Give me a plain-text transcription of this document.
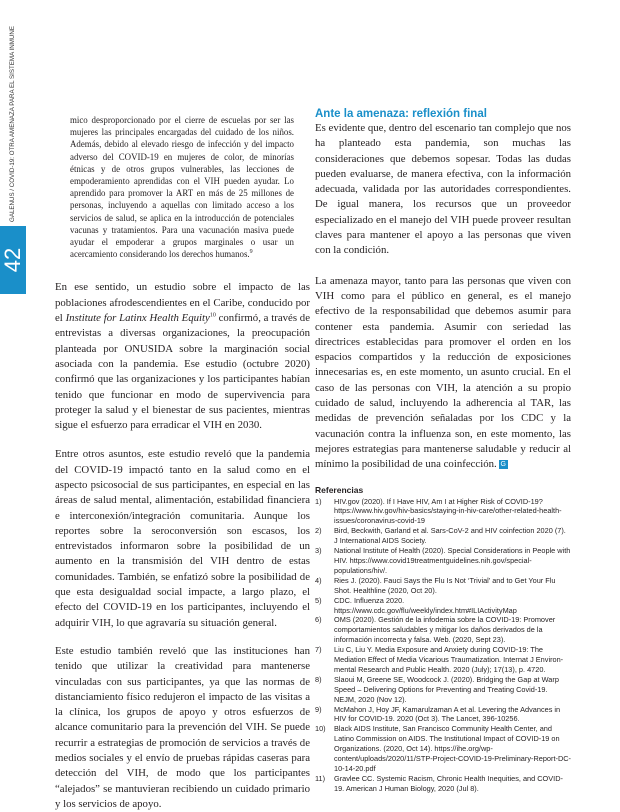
GALENUS / COVID-19: OTRA AMENAZA PARA EL SISTEMA INMUNE
42

mico desproporcionado por el cierre de escuelas por ser las mujeres las principales encargadas del cuidado de los niños. Además, debido al elevado riesgo de infección y del impacto adverso del COVID-19 en mujeres de color, de minorías étnicas y de otros grupos vulnerables, las lecciones de empoderamiento aprendidas con el VIH pueden ayudar. Lo aprendido para promover la ART en más de 25 millones de personas, incluyendo a aquellas con limitado acceso a los servicios de salud, se aplica en la introducción de potenciales vacunas y tratamientos. Para una vacunación masiva puede ayudar el empoderar a grupos marginales o usar un acercamiento considerando los derechos humanos.$^9$

En ese sentido, un estudio sobre el impacto de las poblaciones afrodescendientes en el Caribe, conducido por el Institute for Latinx Health Equity$^{10}$ confirmó, a través de entrevistas a diversas organizaciones, la preocupación planteada por ONUSIDA sobre la marginación social asociada con la pandemia. Ese estudio (octubre 2020) confirmó que las organizaciones y los participantes habían tenido que funcionar en modo de supervivencia para proteger la salud y el bienestar de sus pacientes, mientras sigue el esfuerzo para erradicar el VIH en 2030.

Entre otros asuntos, este estudio reveló que la pandemia del COVID-19 impactó tanto en la salud como en el aspecto psicosocial de sus participantes, en especial en las áreas de salud mental, alimentación, estabilidad financiera e interconexión/integración comunitaria. Aunque los reportes sobre la seroconversión son escasos, los entrevistados informaron sobre la posibilidad de un aumento en la transmisión del VIH dentro de estas comunidades. También, se enfatizó sobre la posibilidad de que esta desigualdad social impacte, a largo plazo, el efecto del COVID-19 en los participantes, incluyendo el adquirir VIH, lo que agravaría su situación general.

Este estudio también reveló que las instituciones han tenido que utilizar la creatividad para mantenerse vinculadas con sus participantes, ya que las normas de distanciamiento físico redujeron el impacto de las visitas a la clínica, los grupos de apoyo y otros esfuerzos de alcance comunitario para la prevención del VIH. Se puede recurrir a estrategias de promoción de servicios a través de medios sociales y el envío de pruebas rápidas caseras para detección del VIH, de modo que los participantes “alejados” se mantuvieran recibiendo un cuidado primario y los servicios de apoyo.

Ante la amenaza: reflexión final

Es evidente que, dentro del escenario tan complejo que nos ha planteado esta pandemia, son muchas las consideraciones que debemos sopesar. Todas las dudas pueden evaluarse, de manera efectiva, con la información adecuada, validada por las autoridades correspondientes. De igual manera, los recursos que un proveedor especializado en el manejo del VIH puede proveer resultan claves para mantener el apoyo a las personas que viven con la condición.

La amenaza mayor, tanto para las personas que viven con VIH como para el público en general, es el manejo efectivo de la responsabilidad que debemos asumir para contener esta pandemia. Asumir con seriedad las directrices establecidas para promover el orden en los espacios compartidos y la reducción de exposiciones innecesarias es, en este momento, un asunto crucial. En el caso de las personas con VIH, la atención a su propio cuidado de salud, incluyendo la adherencia al TAR, las medidas de prevención señaladas por los CDC y la vacunación contra la influenza son, en este momento, las mejores estrategias para mantenerse saludable y reducir al mínimo la posibilidad de una coinfección. G

Referencias
1) HIV.gov (2020). If I Have HIV, Am I at Higher Risk of COVID-19? https://www.hiv.gov/hiv-basics/staying-in-hiv-care/other-related-health-issues/coronavirus-covid-19
2) Bird, Beckwith, Garland et al. Sars-CoV-2 and HIV coinfection 2020 (7). J International AIDS Society.
3) National Institute of Health (2020). Special Considerations in People with HIV. https://www.covid19treatmentguidelines.nih.gov/special-populations/hiv/.
4) Ries J. (2020). Fauci Says the Flu Is Not ‘Trivial’ and to Get Your Flu Shot. Healthline (2020, Oct 20).
5) CDC. Influenza 2020. https://www.cdc.gov/flu/weekly/index.htm#ILIActivityMap
6) OMS (2020). Gestión de la infodemia sobre la COVID-19: Promover comportamientos saludables y mitigar los daños derivados de la información incorrecta y falsa. Web. (2020, Sept 23).
7) Liu C, Liu Y. Media Exposure and Anxiety during COVID-19: The Mediation Effect of Media Vicarious Traumatization. Internat J Environ- mental Research and Public Health. 2020 (July); 17(13), p. 4720.
8) Slaoui M, Greene SE, Woodcock J. (2020). Bridging the Gap at Warp Speed – Delivering Options for Preventing and Treating Covid-19. NEJM, 2020 (Nov 12).
9) McMahon J, Hoy JF, Kamarulzaman A et al. Levering the Advances in HIV for COVID-19. 2020 (Oct 3). The Lancet, 396-10256.
10) Black AIDS Institute, San Francisco Community Health Center, and Latino Commission on AIDS. The Institutional Impact of COVID-19 on Organizations. (2020, Oct 14). https://ihe.org/wp-content/uploads/2020/11/STP-Project-COVID-19-Preliminary-Report-DC-10-14-20.pdf
11) Gravlee CC. Systemic Racism, Chronic Health Inequities, and COVID-19. American J Human Biology, 2020 (Jul 8).
